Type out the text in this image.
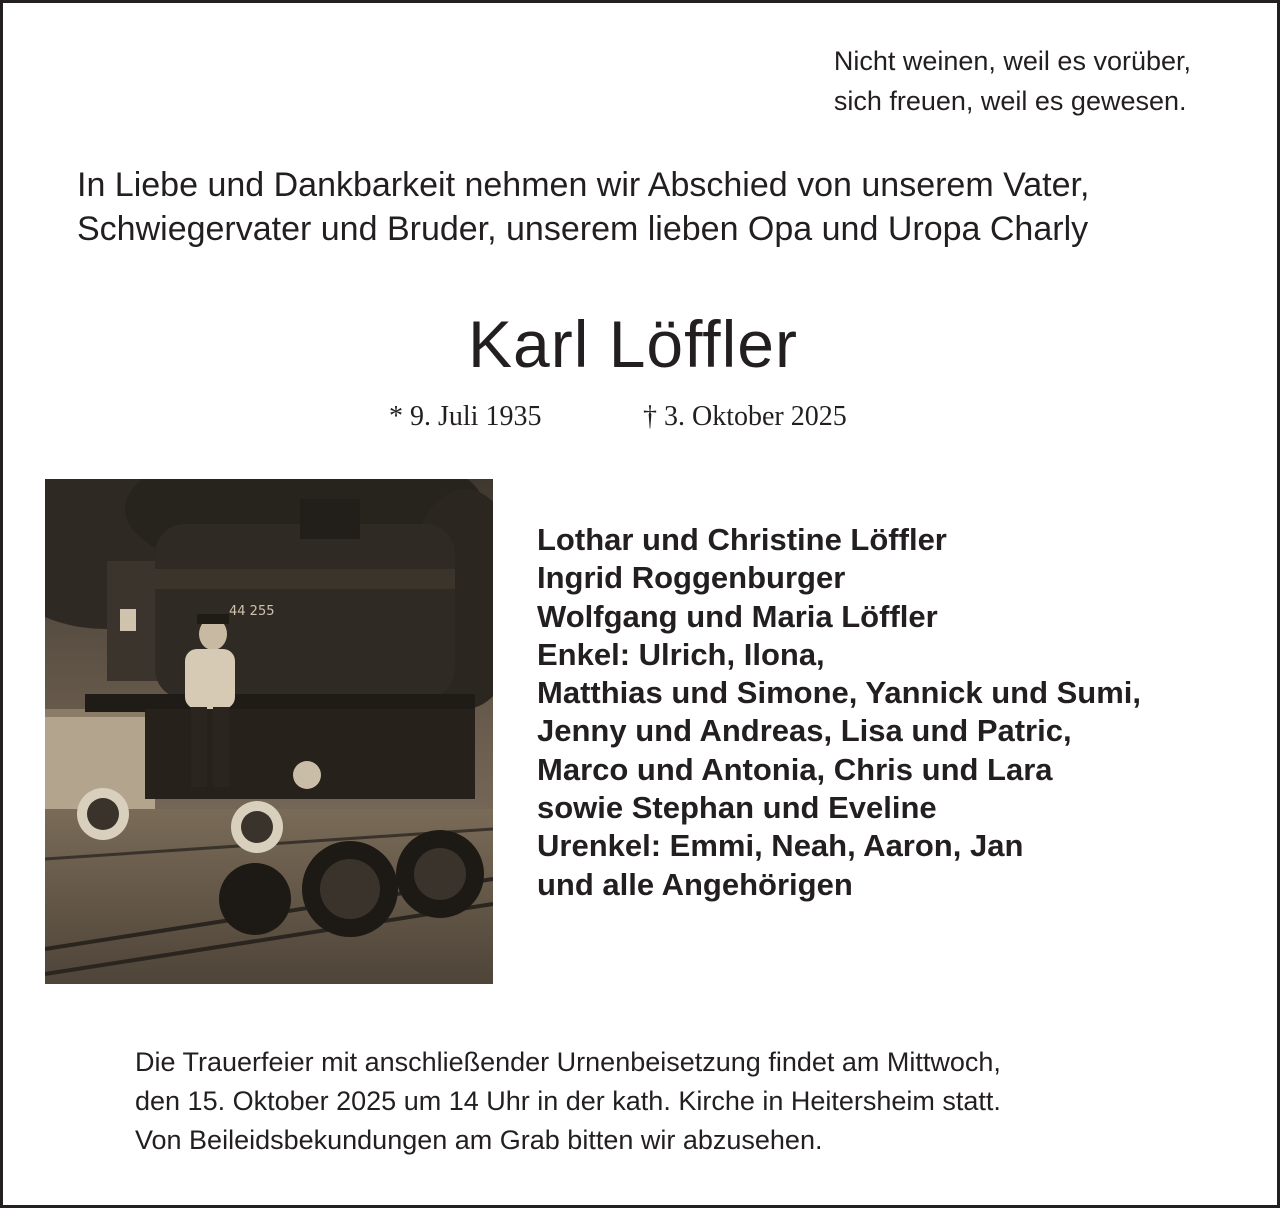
Nicht weinen, weil es vorüber,
sich freuen, weil es gewesen.
In Liebe und Dankbarkeit nehmen wir Abschied von unserem Vater,
Schwiegervater und Bruder, unserem lieben Opa und Uropa Charly
Karl Löffler
* 9. Juli 1935	† 3. Oktober 2025
44 255
Lothar und Christine Löffler
Ingrid Roggenburger
Wolfgang und Maria Löffler
Enkel: Ulrich, Ilona,
Matthias und Simone, Yannick und Sumi,
Jenny und Andreas, Lisa und Patric,
Marco und Antonia, Chris und Lara
sowie Stephan und Eveline
Urenkel: Emmi, Neah, Aaron, Jan
und alle Angehörigen
Die Trauerfeier mit anschließender Urnenbeisetzung findet am Mittwoch,
den 15. Oktober 2025 um 14 Uhr in der kath. Kirche in Heitersheim statt.
Von Beileidsbekundungen am Grab bitten wir abzusehen.
